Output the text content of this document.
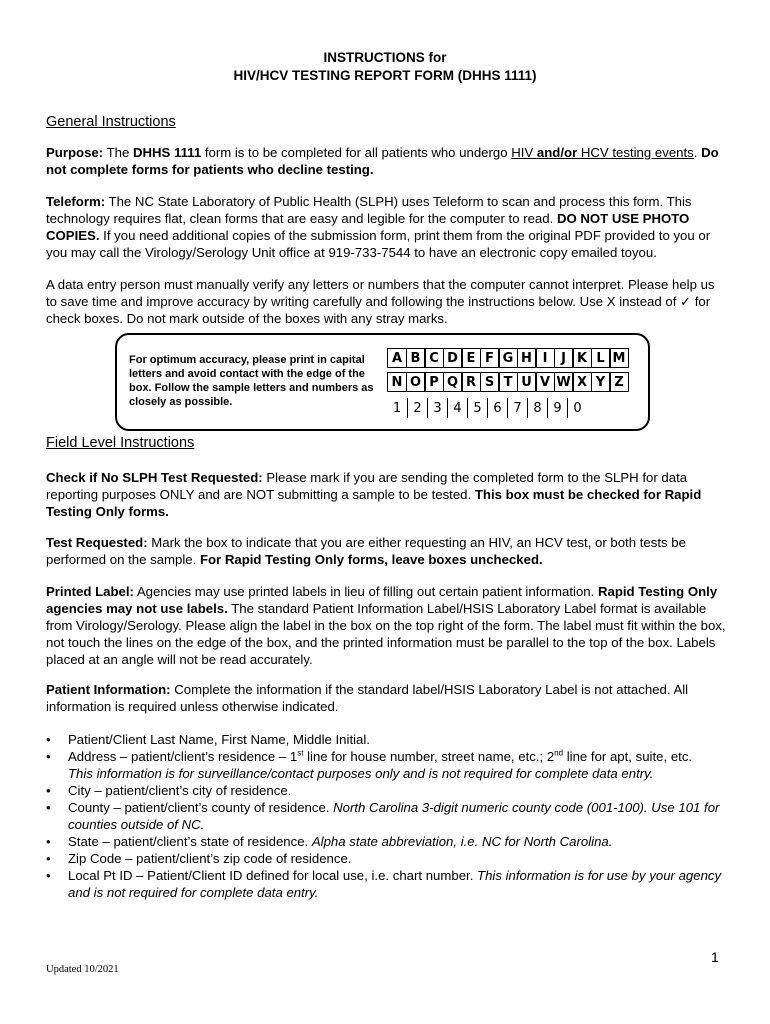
INSTRUCTIONS for
HIV/HCV TESTING REPORT FORM (DHHS 1111)
General Instructions
Purpose: The DHHS 1111 form is to be completed for all patients who undergo HIV and/or HCV testing events. Do not complete forms for patients who decline testing.
Teleform: The NC State Laboratory of Public Health (SLPH) uses Teleform to scan and process this form. This technology requires flat, clean forms that are easy and legible for the computer to read. DO NOT USE PHOTO COPIES. If you need additional copies of the submission form, print them from the original PDF provided to you or you may call the Virology/Serology Unit office at 919-733-7544 to have an electronic copy emailed toyou.
A data entry person must manually verify any letters or numbers that the computer cannot interpret. Please help us to save time and improve accuracy by writing carefully and following the instructions below. Use X instead of ✓ for check boxes. Do not mark outside of the boxes with any stray marks.
For optimum accuracy, please print in capital letters and avoid contact with the edge of the box. Follow the sample letters and numbers as closely as possible.
A B C D E F G H I	J K L M
N O P Q R S T U V W X Y Z
1 2 3 4 5 6 7 8 9 0
Field Level Instructions
Check if No SLPH Test Requested: Please mark if you are sending the completed form to the SLPH for data reporting purposes ONLY and are NOT submitting a sample to be tested. This box must be checked for Rapid Testing Only forms.
Test Requested: Mark the box to indicate that you are either requesting an HIV, an HCV test, or both tests be performed on the sample. For Rapid Testing Only forms, leave boxes unchecked.
Printed Label: Agencies may use printed labels in lieu of filling out certain patient information. Rapid Testing Only agencies may not use labels. The standard Patient Information Label/HSIS Laboratory Label format is available from Virology/Serology. Please align the label in the box on the top right of the form. The label must fit within the box, not touch the lines on the edge of the box, and the printed information must be parallel to the top of the box. Labels placed at an angle will not be read accurately.
Patient Information: Complete the information if the standard label/HSIS Laboratory Label is not attached. All information is required unless otherwise indicated.
• Patient/Client Last Name, First Name, Middle Initial.
• Address – patient/client’s residence – 1st line for house number, street name, etc.; 2nd line for apt, suite, etc.
This information is for surveillance/contact purposes only and is not required for complete data entry.
• City – patient/client’s city of residence.
• County – patient/client’s county of residence. North Carolina 3-digit numeric county code (001-100). Use 101 for counties outside of NC.
• State – patient/client’s state of residence. Alpha state abbreviation, i.e. NC for North Carolina.
• Zip Code – patient/client’s zip code of residence.
• Local Pt ID – Patient/Client ID defined for local use, i.e. chart number. This information is for use by your agency and is not required for complete data entry.
1
Updated 10/2021
